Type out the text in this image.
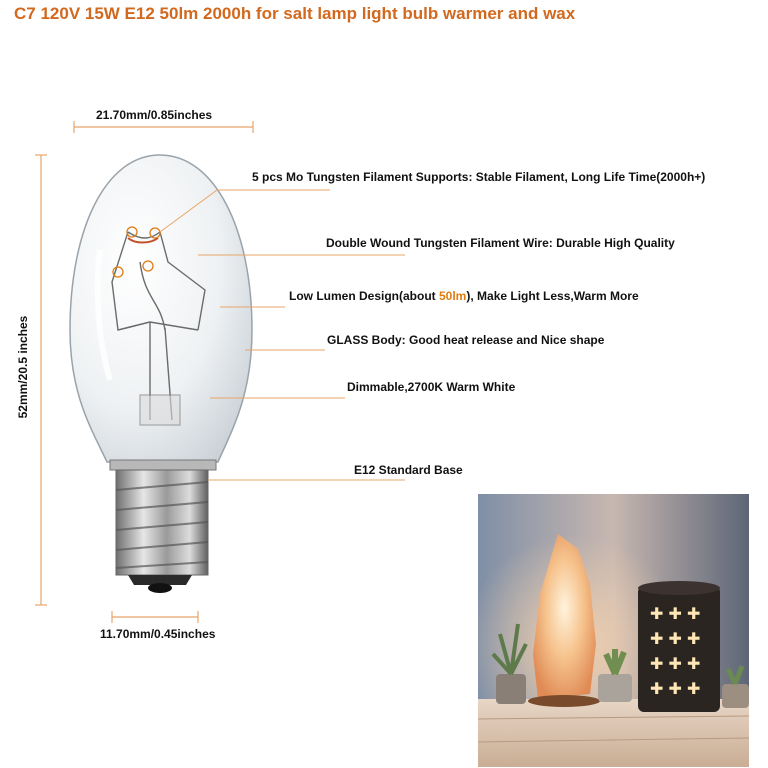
C7 120V 15W E12 50lm 2000h for salt lamp light bulb warmer and wax
21.70mm/0.85inches
52mm/20.5 inches
11.70mm/0.45inches
5 pcs Mo Tungsten Filament Supports: Stable Filament, Long Life Time(2000h+)
Double Wound Tungsten Filament Wire: Durable High Quality
Low Lumen Design(about 50lm), Make Light Less,Warm More
GLASS Body: Good heat release and Nice shape
Dimmable,2700K Warm White
E12 Standard Base
✚ ✚ ✚
✚ ✚ ✚
✚ ✚ ✚
✚ ✚ ✚
